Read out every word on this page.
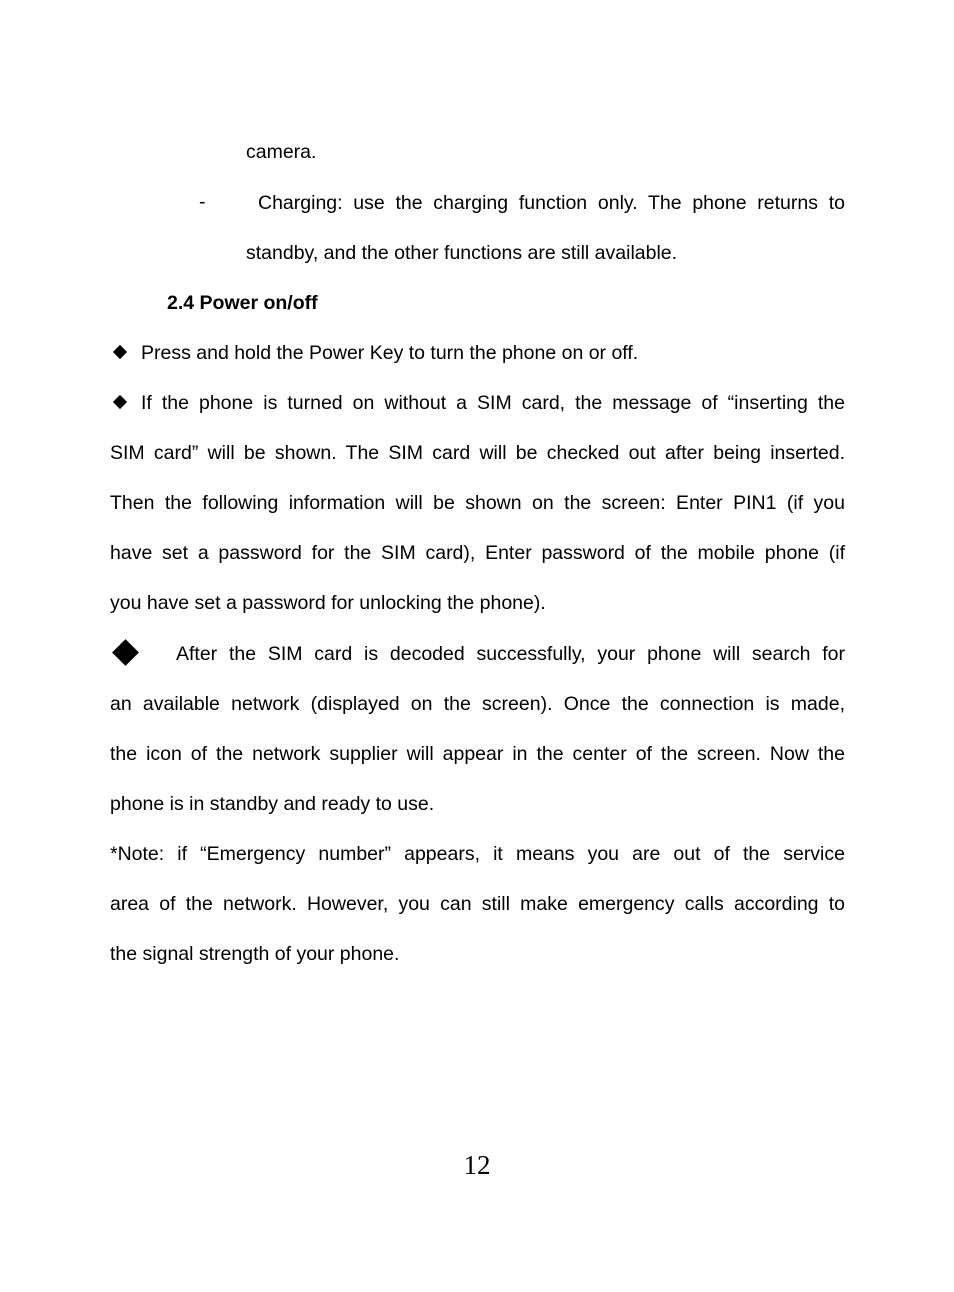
camera.
-	Charging: use the charging function only. The phone returns to
standby, and the other functions are still available.
2.4 Power on/off
Press and hold the Power Key to turn the phone on or off.
If the phone is turned on without a SIM card, the message of “inserting the
SIM card” will be shown. The SIM card will be checked out after being inserted.
Then the following information will be shown on the screen: Enter PIN1 (if you
have set a password for the SIM card), Enter password of the mobile phone (if
you have set a password for unlocking the phone).
After the SIM card is decoded successfully, your phone will search for
an available network (displayed on the screen). Once the connection is made,
the icon of the network supplier will appear in the center of the screen. Now the
phone is in standby and ready to use.
*Note: if “Emergency number” appears, it means you are out of the service
area of the network. However, you can still make emergency calls according to
the signal strength of your phone.
12
